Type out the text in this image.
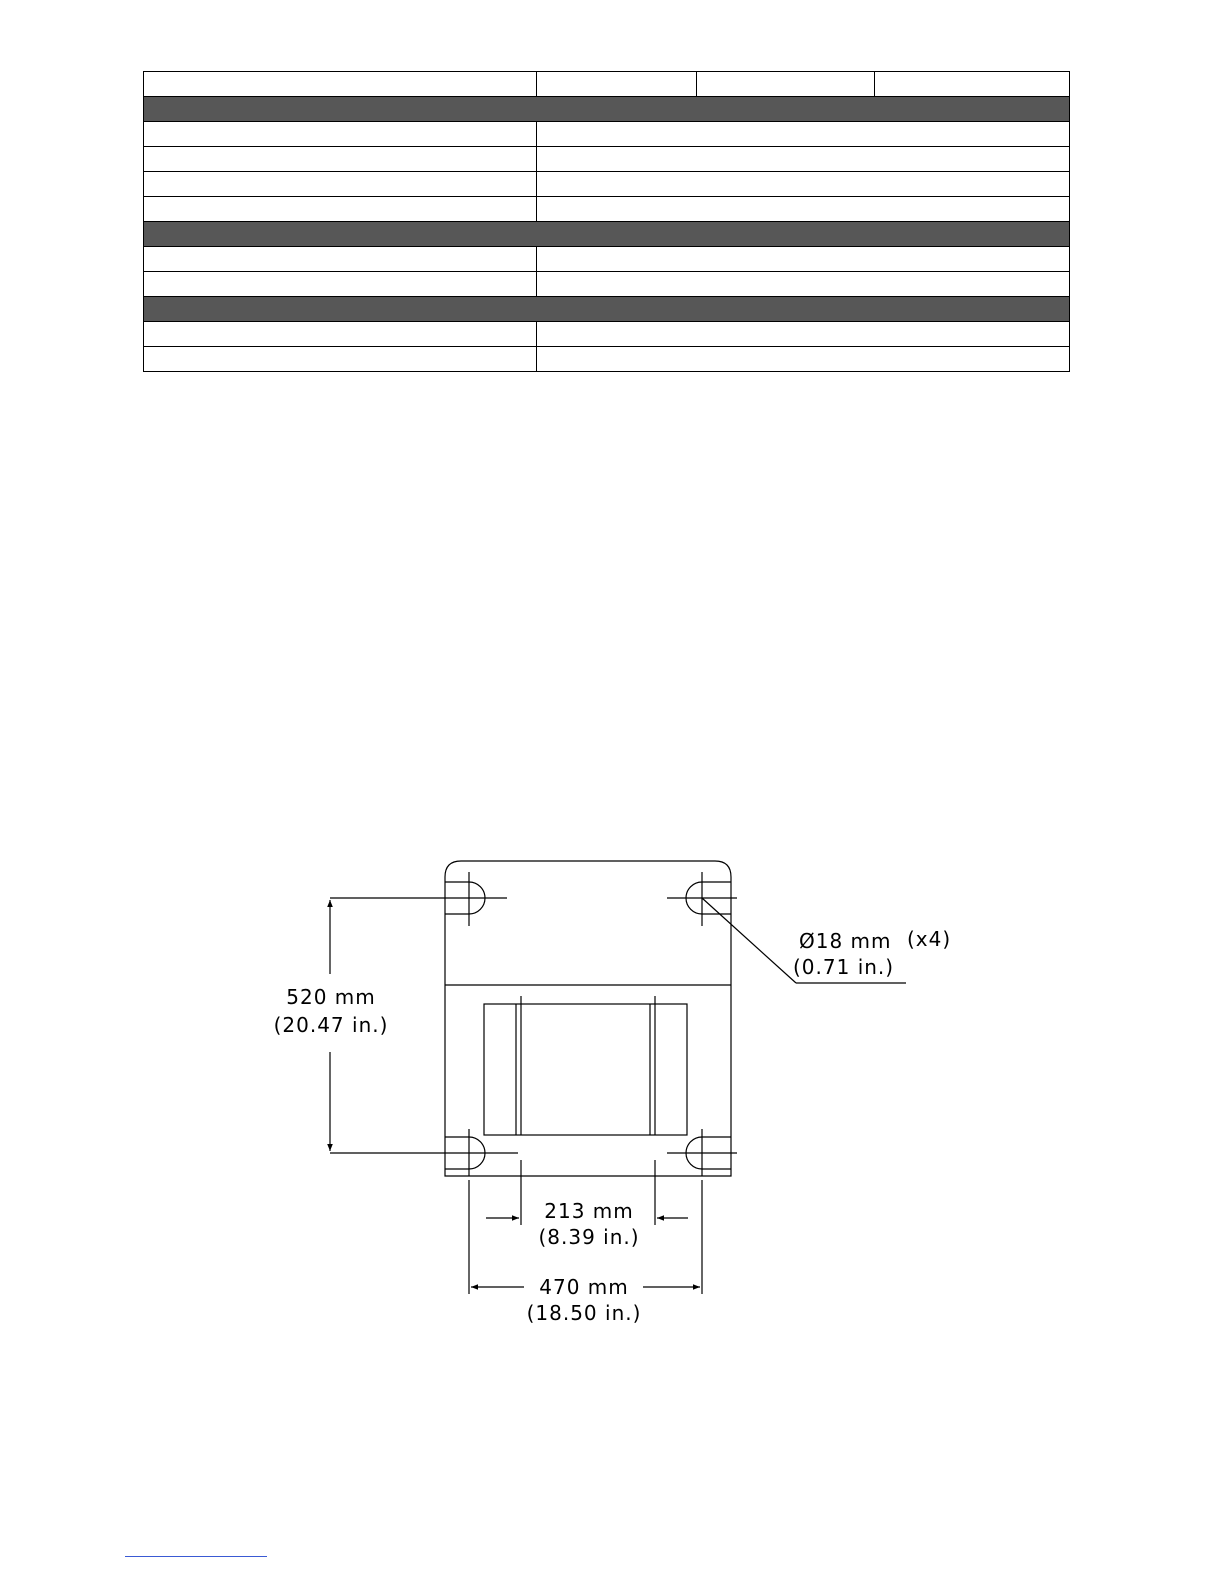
520 mm
(20.47 in.)
Ø18 mm (x4)
(0.71 in.)
213 mm
(8.39 in.)
470 mm
(18.50 in.)
